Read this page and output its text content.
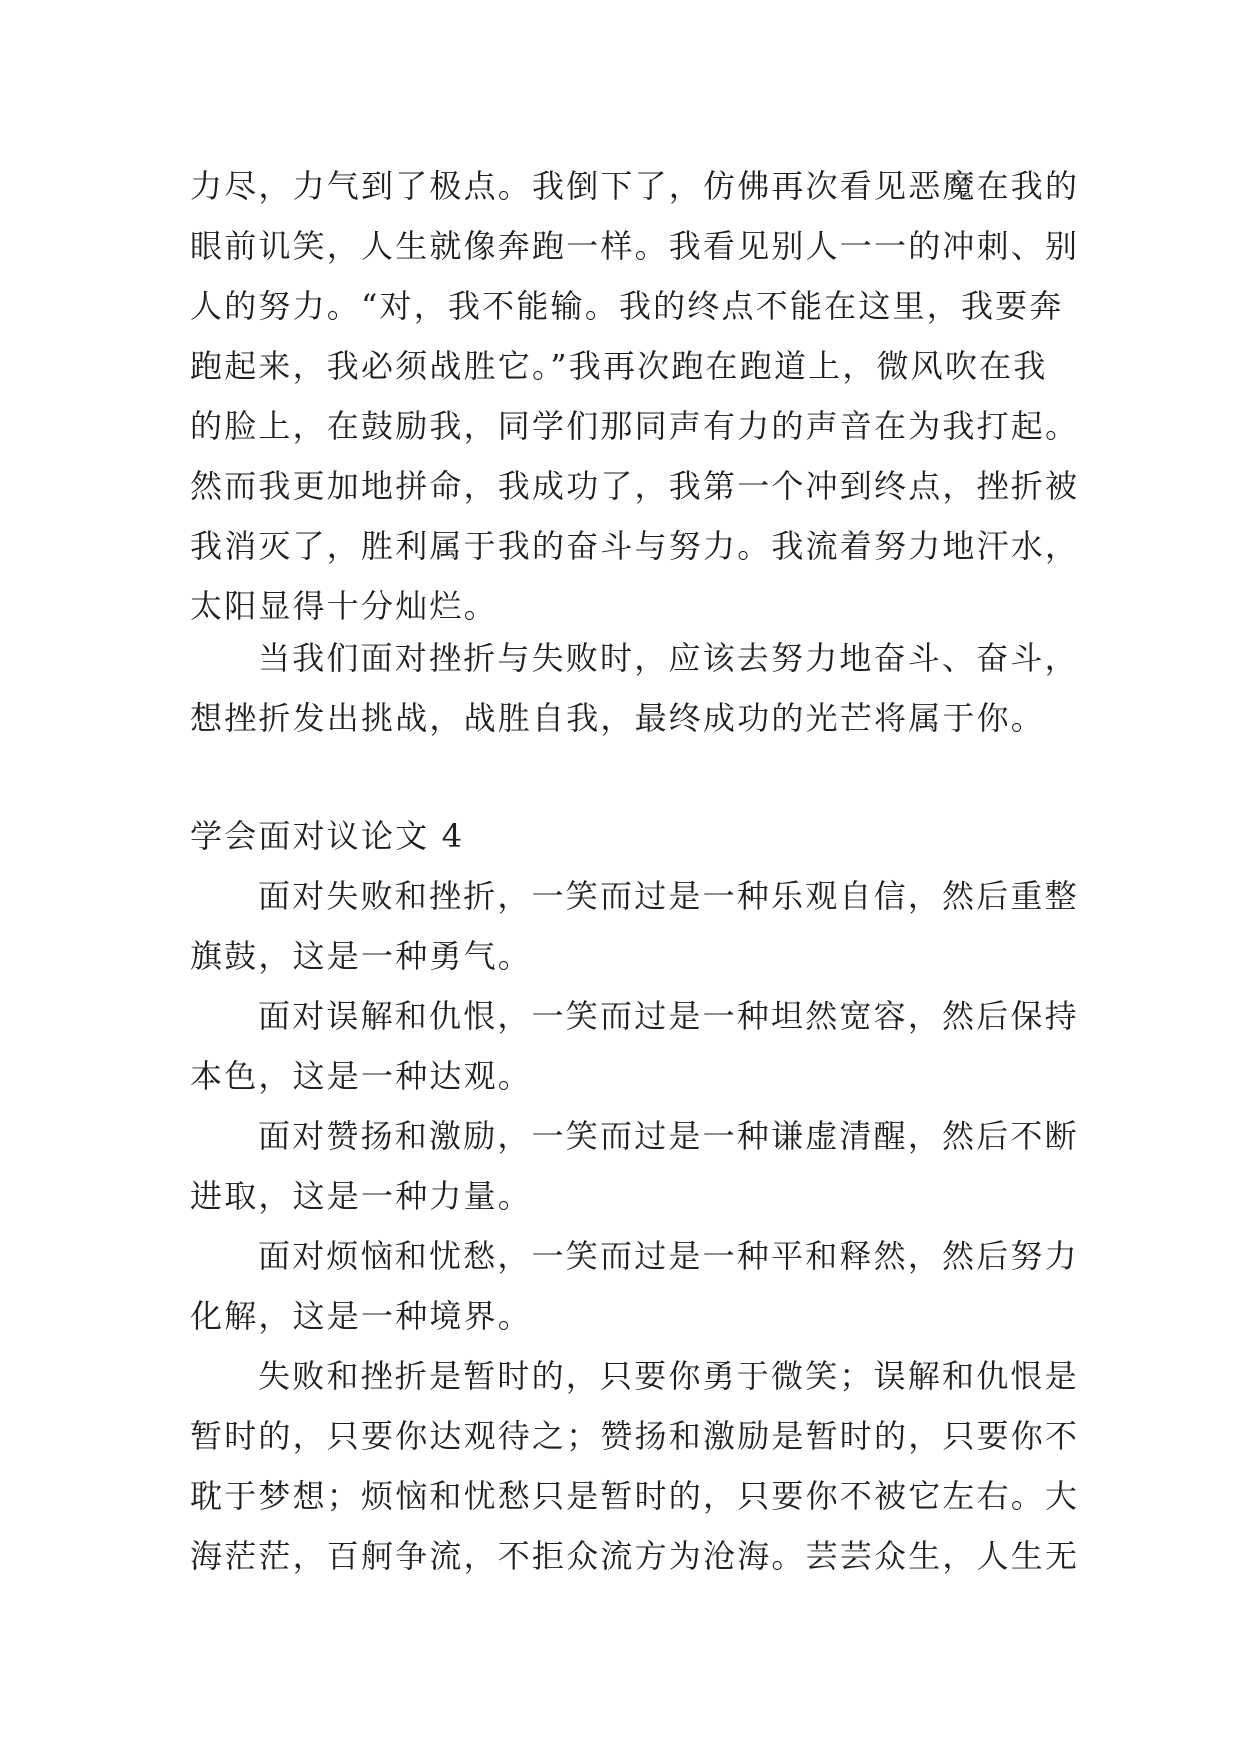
力尽，力气到了极点。我倒下了，仿佛再次看见恶魔在我的
眼前讥笑，人生就像奔跑一样。我看见别人一一的冲刺、别
人的努力。“对，我不能输。我的终点不能在这里，我要奔
跑起来，我必须战胜它。”我再次跑在跑道上，微风吹在我
的脸上，在鼓励我，同学们那同声有力的声音在为我打起。
然而我更加地拼命，我成功了，我第一个冲到终点，挫折被
我消灭了，胜利属于我的奋斗与努力。我流着努力地汗水，
太阳显得十分灿烂。
当我们面对挫折与失败时，应该去努力地奋斗、奋斗，
想挫折发出挑战，战胜自我，最终成功的光芒将属于你。
学会面对议论文 4
面对失败和挫折，一笑而过是一种乐观自信，然后重整
旗鼓，这是一种勇气。
面对误解和仇恨，一笑而过是一种坦然宽容，然后保持
本色，这是一种达观。
面对赞扬和激励，一笑而过是一种谦虚清醒，然后不断
进取，这是一种力量。
面对烦恼和忧愁，一笑而过是一种平和释然，然后努力
化解，这是一种境界。
失败和挫折是暂时的，只要你勇于微笑；误解和仇恨是
暂时的，只要你达观待之；赞扬和激励是暂时的，只要你不
耽于梦想；烦恼和忧愁只是暂时的，只要你不被它左右。大
海茫茫，百舸争流，不拒众流方为沧海。芸芸众生，人生无
